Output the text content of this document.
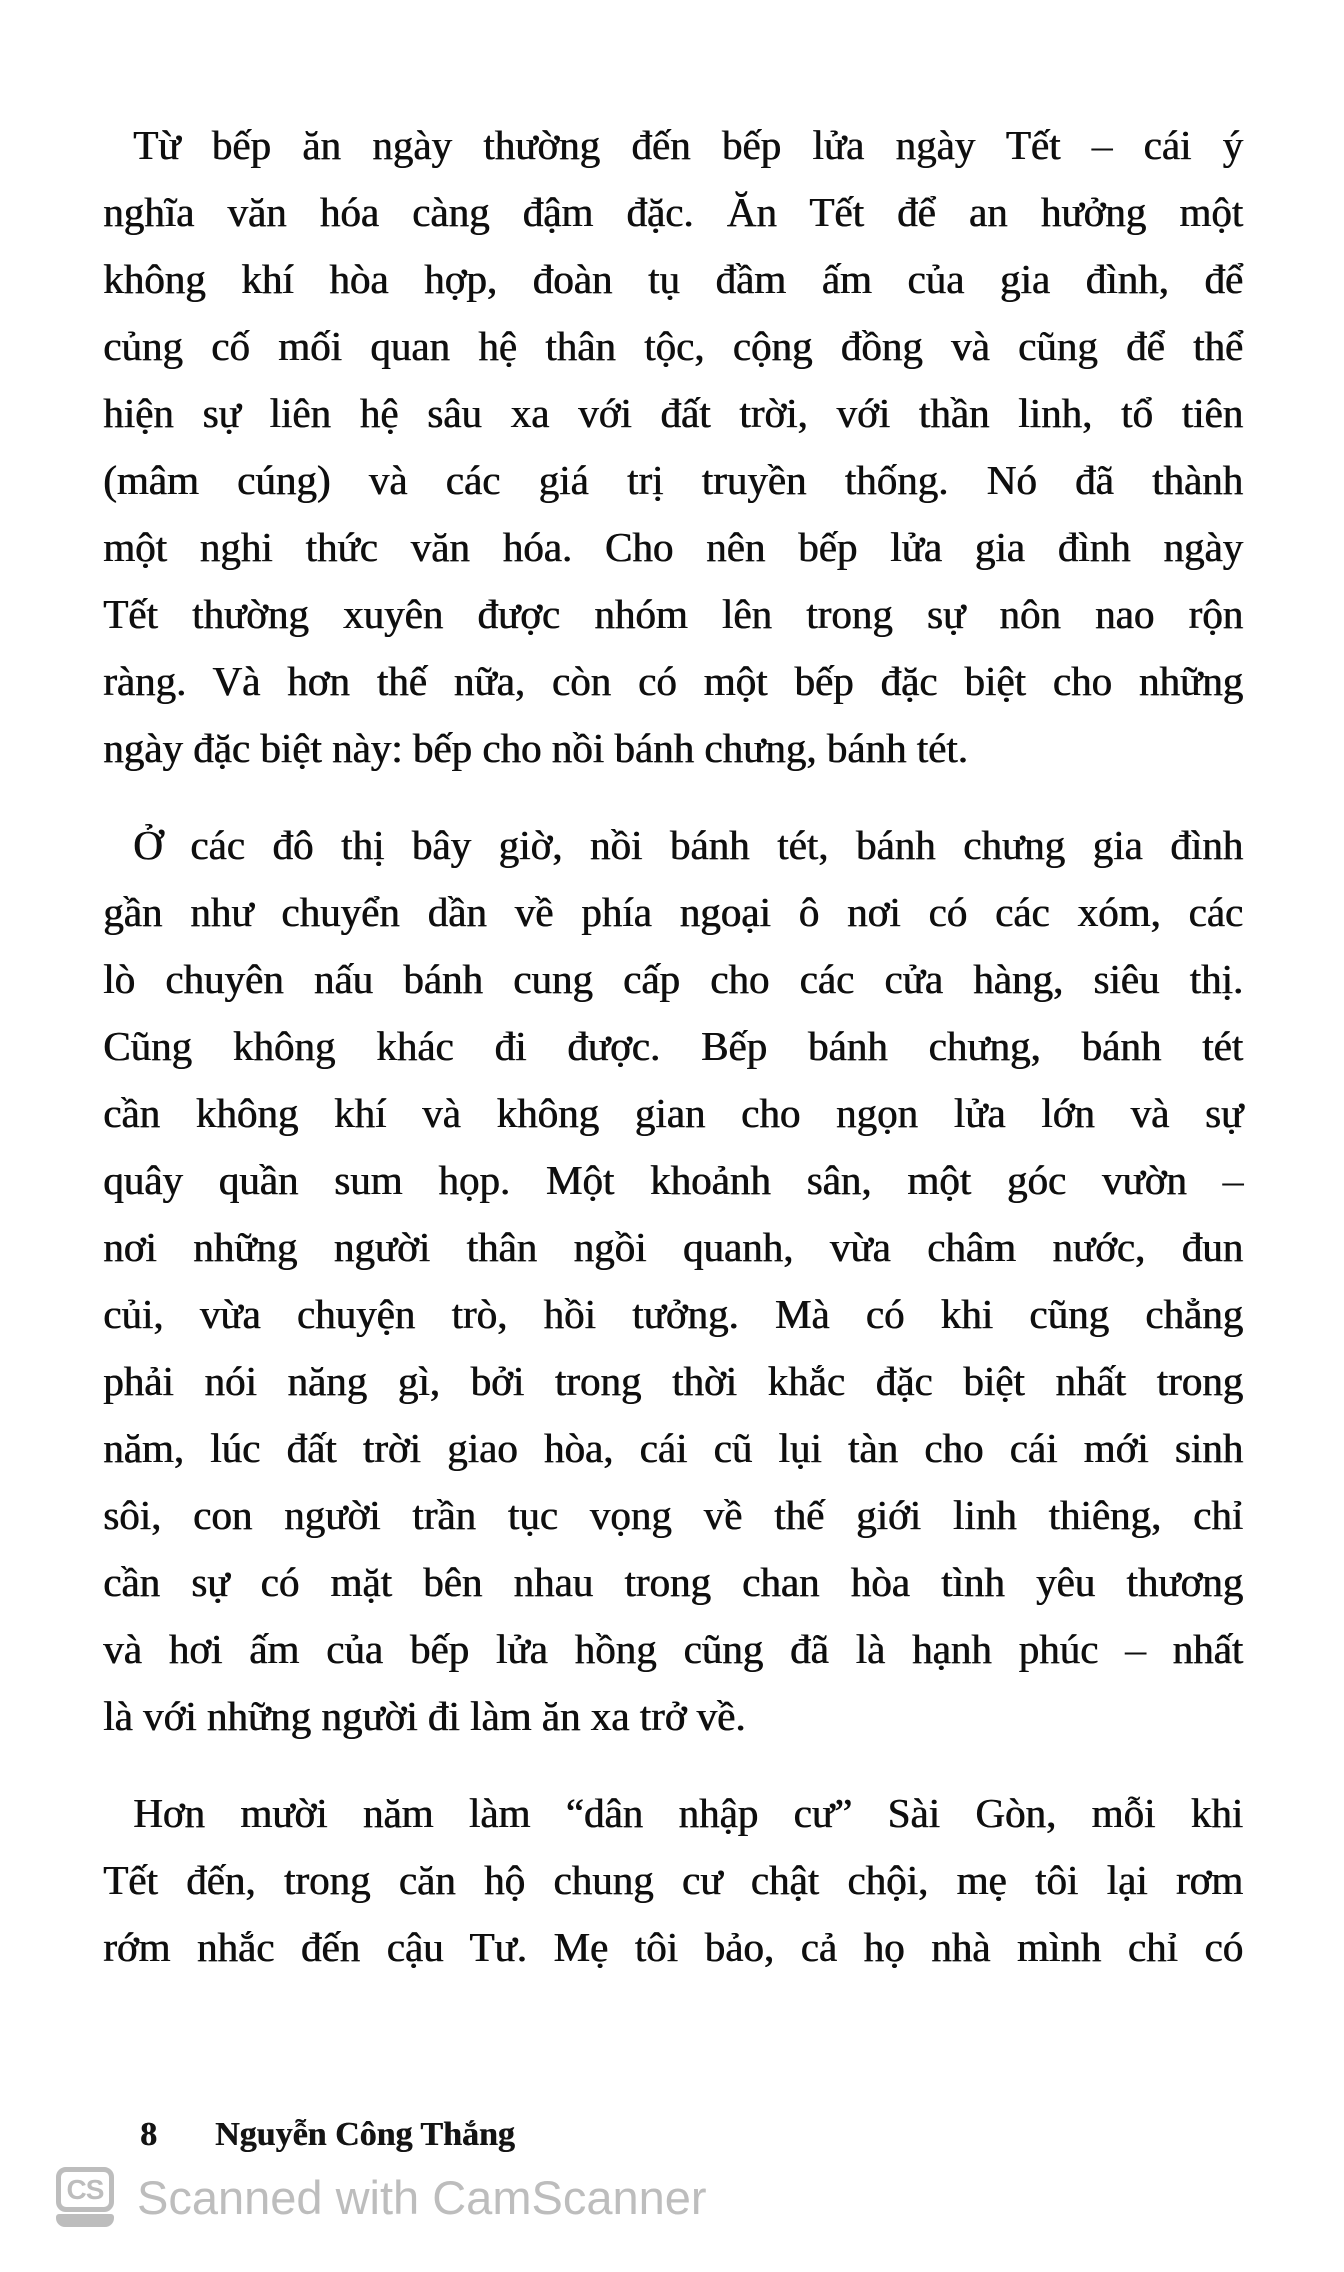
Từ bếp ăn ngày thường đến bếp lửa ngày Tết – cái ý
nghĩa văn hóa càng đậm đặc. Ăn Tết để an hưởng một
không khí hòa hợp, đoàn tụ đầm ấm của gia đình, để
củng cố mối quan hệ thân tộc, cộng đồng và cũng để thể
hiện sự liên hệ sâu xa với đất trời, với thần linh, tổ tiên
(mâm cúng) và các giá trị truyền thống. Nó đã thành
một nghi thức văn hóa. Cho nên bếp lửa gia đình ngày
Tết thường xuyên được nhóm lên trong sự nôn nao rộn
ràng. Và hơn thế nữa, còn có một bếp đặc biệt cho những
ngày đặc biệt này: bếp cho nồi bánh chưng, bánh tét.
Ở các đô thị bây giờ, nồi bánh tét, bánh chưng gia đình
gần như chuyển dần về phía ngoại ô nơi có các xóm, các
lò chuyên nấu bánh cung cấp cho các cửa hàng, siêu thị.
Cũng không khác đi được. Bếp bánh chưng, bánh tét
cần không khí và không gian cho ngọn lửa lớn và sự
quây quần sum họp. Một khoảnh sân, một góc vườn –
nơi những người thân ngồi quanh, vừa châm nước, đun
củi, vừa chuyện trò, hồi tưởng. Mà có khi cũng chẳng
phải nói năng gì, bởi trong thời khắc đặc biệt nhất trong
năm, lúc đất trời giao hòa, cái cũ lụi tàn cho cái mới sinh
sôi, con người trần tục vọng về thế giới linh thiêng, chỉ
cần sự có mặt bên nhau trong chan hòa tình yêu thương
và hơi ấm của bếp lửa hồng cũng đã là hạnh phúc – nhất
là với những người đi làm ăn xa trở về.
Hơn mười năm làm “dân nhập cư” Sài Gòn, mỗi khi
Tết đến, trong căn hộ chung cư chật chội, mẹ tôi lại rơm
rớm nhắc đến cậu Tư. Mẹ tôi bảo, cả họ nhà mình chỉ có
8 Nguyễn Công Thắng
CS Scanned with CamScanner
